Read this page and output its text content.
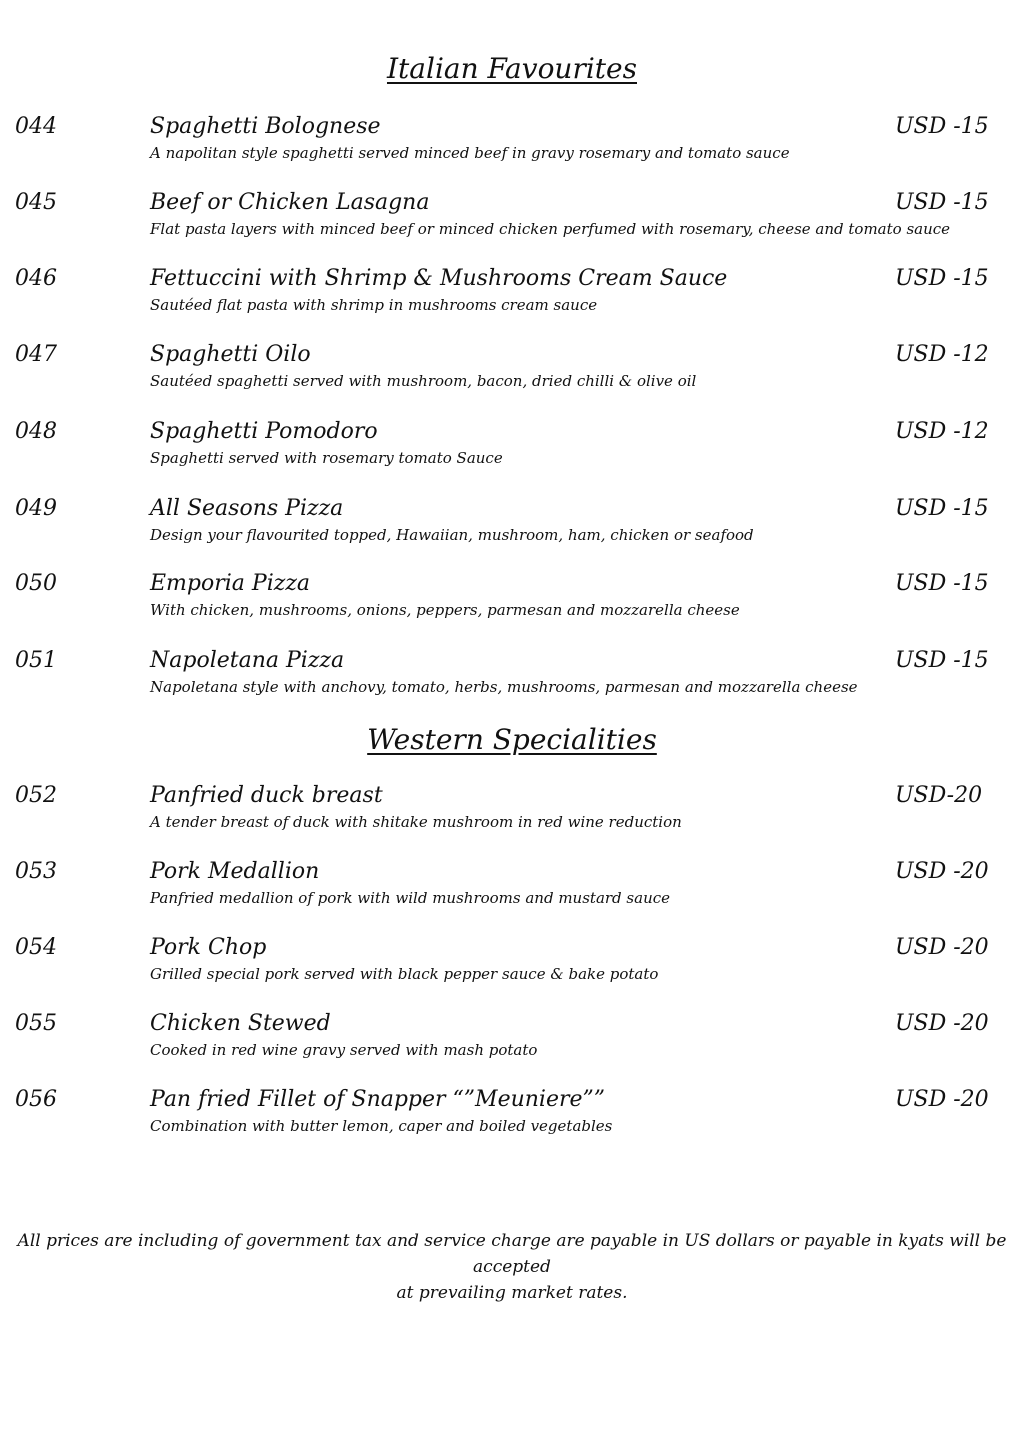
Italian Favourites
044	Spaghetti Bolognese	USD -15
A napolitan style spaghetti served minced beef in gravy rosemary and tomato sauce
045	Beef or Chicken Lasagna	USD -15
Flat pasta layers with minced beef or minced chicken perfumed with rosemary, cheese and tomato sauce
046	Fettuccini with Shrimp & Mushrooms Cream Sauce	USD -15
Sautéed flat pasta with shrimp in mushrooms cream sauce
047	Spaghetti Oilo	USD -12
Sautéed spaghetti served with mushroom, bacon, dried chilli & olive oil
048	Spaghetti Pomodoro	USD -12
Spaghetti served with rosemary tomato Sauce
049	All Seasons Pizza	USD -15
Design your flavourited topped, Hawaiian, mushroom, ham, chicken or seafood
050	Emporia Pizza	USD -15
With chicken, mushrooms, onions, peppers, parmesan and mozzarella cheese
051	Napoletana Pizza	USD -15
Napoletana style with anchovy, tomato, herbs, mushrooms, parmesan and mozzarella cheese
Western Specialities
052	Panfried duck breast	USD-20
A tender breast of duck with shitake mushroom in red wine reduction
053	Pork Medallion	USD -20
Panfried medallion of pork with wild mushrooms and mustard sauce
054	Pork Chop	USD -20
Grilled special pork served with black pepper sauce & bake potato
055	Chicken Stewed	USD -20
Cooked in red wine gravy served with mash potato
056	Pan fried Fillet of Snapper “”Meuniere””	USD -20
Combination with butter lemon, caper and boiled vegetables
All prices are including of government tax and service charge are payable in US dollars or payable in kyats will be accepted
at prevailing market rates.
